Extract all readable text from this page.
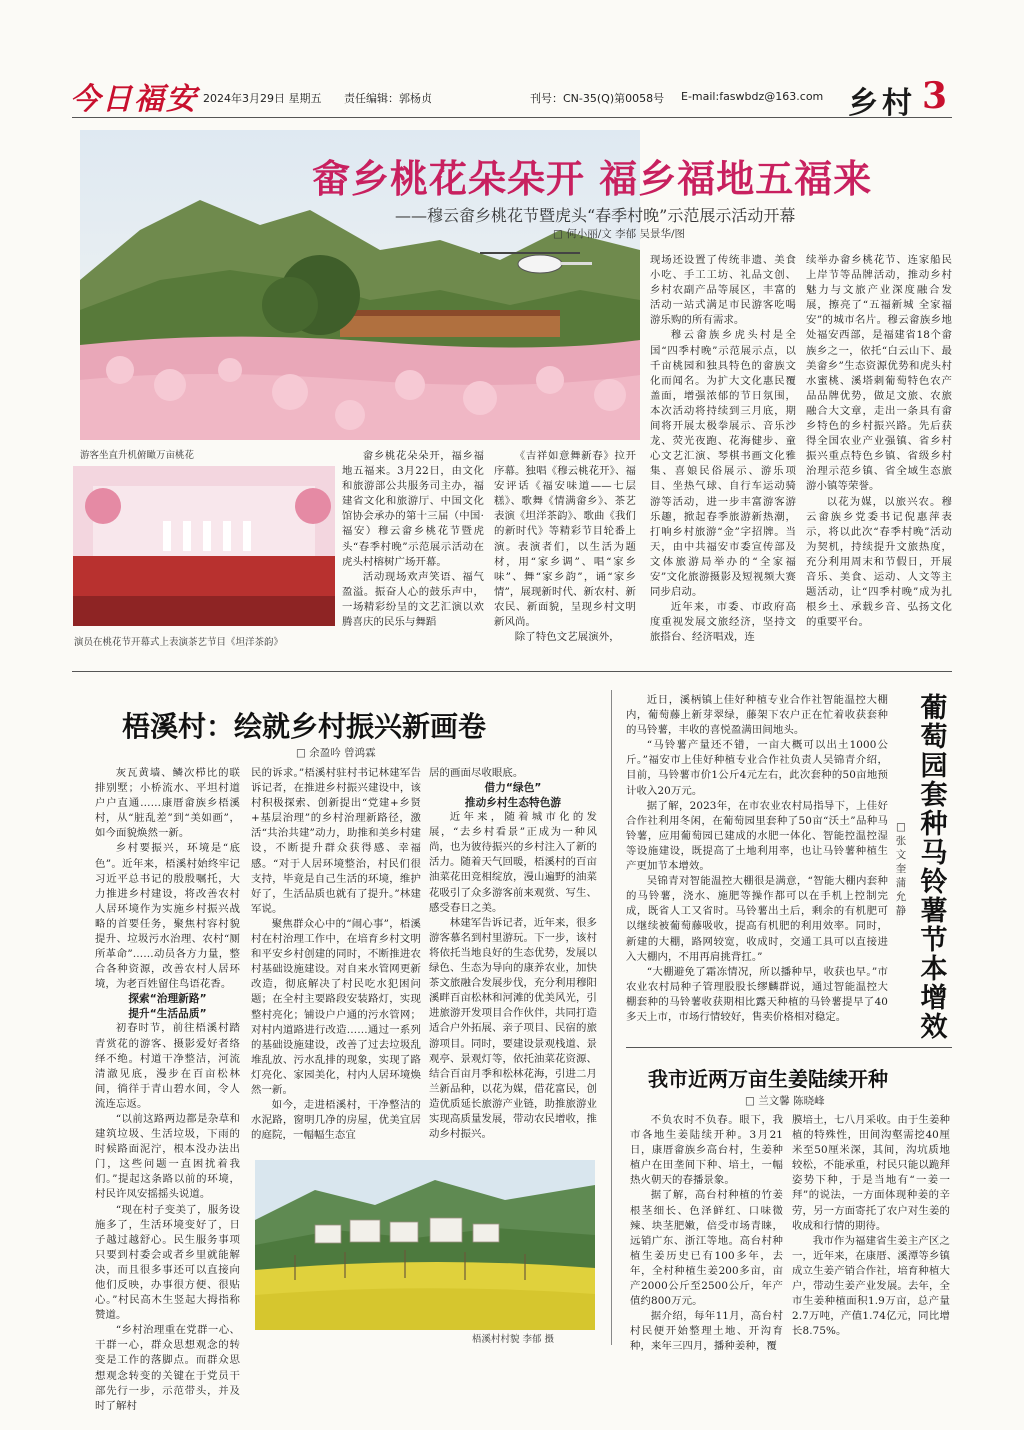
今日福安 2024年3月29日 星期五 责任编辑：郭杨贞	刊号：CN-35(Q)第0058号 E-mail:faswbdz@163.com 乡村 3
畲乡桃花朵朵开 福乡福地五福来
——穆云畲乡桃花节暨虎头“春季村晚”示范展示活动开幕
□ 何小丽/文 李郁 吴景华/图
游客坐直升机俯瞰万亩桃花
演员在桃花节开幕式上表演茶艺节目《坦洋茶韵》

畲乡桃花朵朵开，福乡福地五福来。3月22日，由文化和旅游部公共服务司主办，福建省文化和旅游厅、中国文化馆协会承办的第十三届（中国·福安）穆云畲乡桃花节暨虎头“春季村晚”示范展示活动在虎头村榕树广场开幕。

活动现场欢声笑语、福气盈溢。振奋人心的鼓乐声中，一场精彩纷呈的文艺汇演以欢腾喜庆的民乐与舞蹈

《吉祥如意舞新春》拉开序幕。独唱《穆云桃花开》、福安评话《福安味道——七层糕》、歌舞《情满畲乡》、茶艺表演《坦洋茶韵》、歌曲《我们的新时代》等精彩节目轮番上演。表演者们，以生活为题材，用“家乡调”、唱“家乡味”、舞“家乡韵”，诵“家乡情”，展现新时代、新农村、新农民、新面貌，呈现乡村文明新风尚。

除了特色文艺展演外，

现场还设置了传统非遗、美食小吃、手工工坊、礼品文创、乡村农副产品等展区，丰富的活动一站式满足市民游客吃喝游乐购的所有需求。

穆云畲族乡虎头村是全国“四季村晚”示范展示点，以千亩桃园和独具特色的畲族文化而闻名。为扩大文化惠民覆盖面，增强浓郁的节日氛围，本次活动将持续到三月底，期间将开展太极拳展示、音乐沙龙、荧光夜跑、花海健步、童心文艺汇演、琴棋书画文化雅集、喜娘民俗展示、游乐项目、坐热气球、自行车运动骑游等活动，进一步丰富游客游乐趣，掀起春季旅游新热潮，打响乡村旅游“金”字招牌。当天，由中共福安市委宣传部及文体旅游局举办的“全家福安”文化旅游摄影及短视频大赛同步启动。

近年来，市委、市政府高度重视发展文旅经济，坚持文旅搭台、经济唱戏，连

续举办畲乡桃花节、连家船民上岸节等品牌活动，推动乡村魅力与文旅产业深度融合发展，擦亮了“五福新城 全家福安”的城市名片。穆云畲族乡地处福安西部，是福建省18个畲族乡之一，依托“白云山下、最美畲乡”生态资源优势和虎头村水蜜桃、溪塔刺葡萄特色农产品品牌优势，做足文旅、农旅融合大文章，走出一条具有畲乡特色的乡村振兴路。先后获得全国农业产业强镇、省乡村振兴重点特色乡镇、省级乡村治理示范乡镇、省全域生态旅游小镇等荣誉。

以花为媒，以旅兴农。穆云畲族乡党委书记倪惠萍表示，将以此次“春季村晚”活动为契机，持续提升文旅热度，充分利用周末和节假日，开展音乐、美食、运动、人文等主题活动，让“四季村晚”成为扎根乡土、承载乡音、弘扬文化的重要平台。

梧溪村：绘就乡村振兴新画卷
□ 余盈吟 曾鸿霖

灰瓦黄墙、鳞次栉比的联排别墅；小桥流水、平坦村道户户直通……康厝畲族乡梧溪村，从“脏乱差”到“美如画”，如今面貌焕然一新。

乡村要振兴，环境是“底色”。近年来，梧溪村始终牢记习近平总书记的殷殷嘱托，大力推进乡村建设，将改善农村人居环境作为实施乡村振兴战略的首要任务，聚焦村容村貌提升、垃圾污水治理、农村“厕所革命”……动员各方力量，整合各种资源，改善农村人居环境，为老百姓留住鸟语花香。

探索“治理新路”
提升“生活品质”

初春时节，前往梧溪村踏青赏花的游客、摄影爱好者络绎不绝。村道干净整洁，河流清澈见底，漫步在百亩松林间，徜徉于青山碧水间，令人流连忘返。

“以前这路两边都是杂草和建筑垃圾、生活垃圾，下雨的时候路面泥泞，根本没办法出门，这些问题一直困扰着我们。”提起这条路以前的环境，村民许凤安摇摇头说道。

“现在村子变美了，服务设施多了，生活环境变好了，日子越过越舒心。民生服务事项只要到村委会或者乡里就能解决，而且很多事还可以直接向他们反映，办事很方便、很贴心。”村民高木生竖起大拇指称赞道。

“乡村治理重在党群一心、干群一心，群众思想观念的转变是工作的落脚点。而群众思想观念转变的关键在于党员干部先行一步，示范带头，并及时了解村

民的诉求。”梧溪村驻村书记林建军告诉记者，在推进乡村振兴建设中，该村积极探索、创新提出“党建+乡贤+基层治理”的乡村治理新路径，激活“共治共建”动力，助推和美乡村建设，不断提升群众获得感、幸福感。“对于人居环境整治，村民们很支持，毕竟是自己生活的环境，维护好了，生活品质也就有了提升。”林建军说。

聚焦群众心中的“闹心事”，梧溪村在村治理工作中，在培育乡村文明和平安乡村创建的同时，不断推进农村基础设施建设。对自来水管网更新改造，彻底解决了村民吃水犯困问题；在全村主要路段安装路灯，实现整村亮化；铺设户户通的污水管网；对村内道路进行改造……通过一系列的基础设施建设，改善了过去垃圾乱堆乱放、污水乱排的现象，实现了路灯亮化、家园美化，村内人居环境焕然一新。

如今，走进梧溪村，干净整洁的水泥路，窗明几净的房屋，优美宜居的庭院，一幅幅生态宜

居的画面尽收眼底。

借力“绿色”
推动乡村生态特色游

近年来，随着城市化的发展，“去乡村看景”正成为一种风尚，也为彼待振兴的乡村注入了新的活力。随着天气回暖，梧溪村的百亩油菜花田竞相绽放，漫山遍野的油菜花吸引了众多游客前来观赏、写生、感受春日之美。

林建军告诉记者，近年来，很多游客慕名到村里游玩。下一步，该村将依托当地良好的生态优势，发展以绿色、生态为导向的康养农业，加快茶文旅融合发展步伐，充分利用穆阳溪畔百亩松林和河滩的优美风光，引进旅游开发项目合作伙伴，共同打造适合户外拓展、亲子项目、民宿的旅游项目。同时，要建设景观栈道、景观亭、景观灯等，依托油菜花资源、结合百亩月季和松林花海，引进二月兰新品种，以花为媒，借花富民，创造优质延长旅游产业链，助推旅游业实现高质量发展，带动农民增收，推动乡村振兴。

梧溪村村貌 李郁 摄

近日，溪柄镇上佳好种植专业合作社智能温控大棚内，葡萄藤上新芽翠绿，藤架下农户正在忙着收获套种的马铃薯，丰收的喜悦盈满田间地头。

“马铃薯产量还不错，一亩大概可以出土1000公斤。”福安市上佳好种植专业合作社负责人吴锦青介绍，目前，马铃薯市价1公斤4元左右，此次套种的50亩地预计收入20万元。

据了解，2023年，在市农业农村局指导下，上佳好合作社利用冬闲，在葡萄园里套种了50亩“沃土”品种马铃薯，应用葡萄园已建成的水肥一体化、智能控温控湿等设施建设，既提高了土地利用率，也让马铃薯种植生产更加节本增效。

吴锦青对智能温控大棚很是满意，“智能大棚内套种的马铃薯，浇水、施肥等操作都可以在手机上控制完成，既省人工又省时。马铃薯出土后，剩余的有机肥可以继续被葡萄藤吸收，提高有机肥的利用效率。同时，新建的大棚，路网较宽，收成时，交通工具可以直接进入大棚内，不用再肩挑背扛。”

“大棚避免了霜冻情况，所以播种早，收获也早。”市农业农村局种子管理股股长缪麟群说，通过智能温控大棚套种的马铃薯收获期相比露天种植的马铃薯提早了40多天上市，市场行情较好，售卖价格相对稳定。

葡萄园套种马铃薯 节本增效
□ 张文奎 蒲允静
我市近两万亩生姜陆续开种
□ 兰文馨 陈晓峰

不负农时不负春。眼下，我市各地生姜陆续开种。3月21日，康厝畲族乡高台村，生姜种植户在田垄间下种、培土，一幅热火朝天的春播景象。

据了解，高台村种植的竹姜根茎细长、色泽鲜红、口味微辣、块茎肥嫩，倍受市场青睐，远销广东、浙江等地。高台村种植生姜历史已有100多年，去年，全村种植生姜200多亩，亩产2000公斤至2500公斤，年产值约800万元。

据介绍，每年11月，高台村村民便开始整理土地、开沟育种，来年三四月，播种姜种，覆

膜培土，七八月采收。由于生姜种植的特殊性，田间沟壑需挖40厘米至50厘米深，其间，沟坑质地较松，不能承重，村民只能以跪拜姿势下种，于是当地有“一姜一拜”的说法，一方面体现种姜的辛劳，另一方面寄托了农户对生姜的收成和行情的期待。

我市作为福建省生姜主产区之一，近年来，在康厝、溪潭等乡镇成立生姜产销合作社，培育种植大户，带动生姜产业发展。去年，全市生姜种植面积1.9万亩，总产量2.7万吨，产值1.74亿元，同比增长8.75%。
